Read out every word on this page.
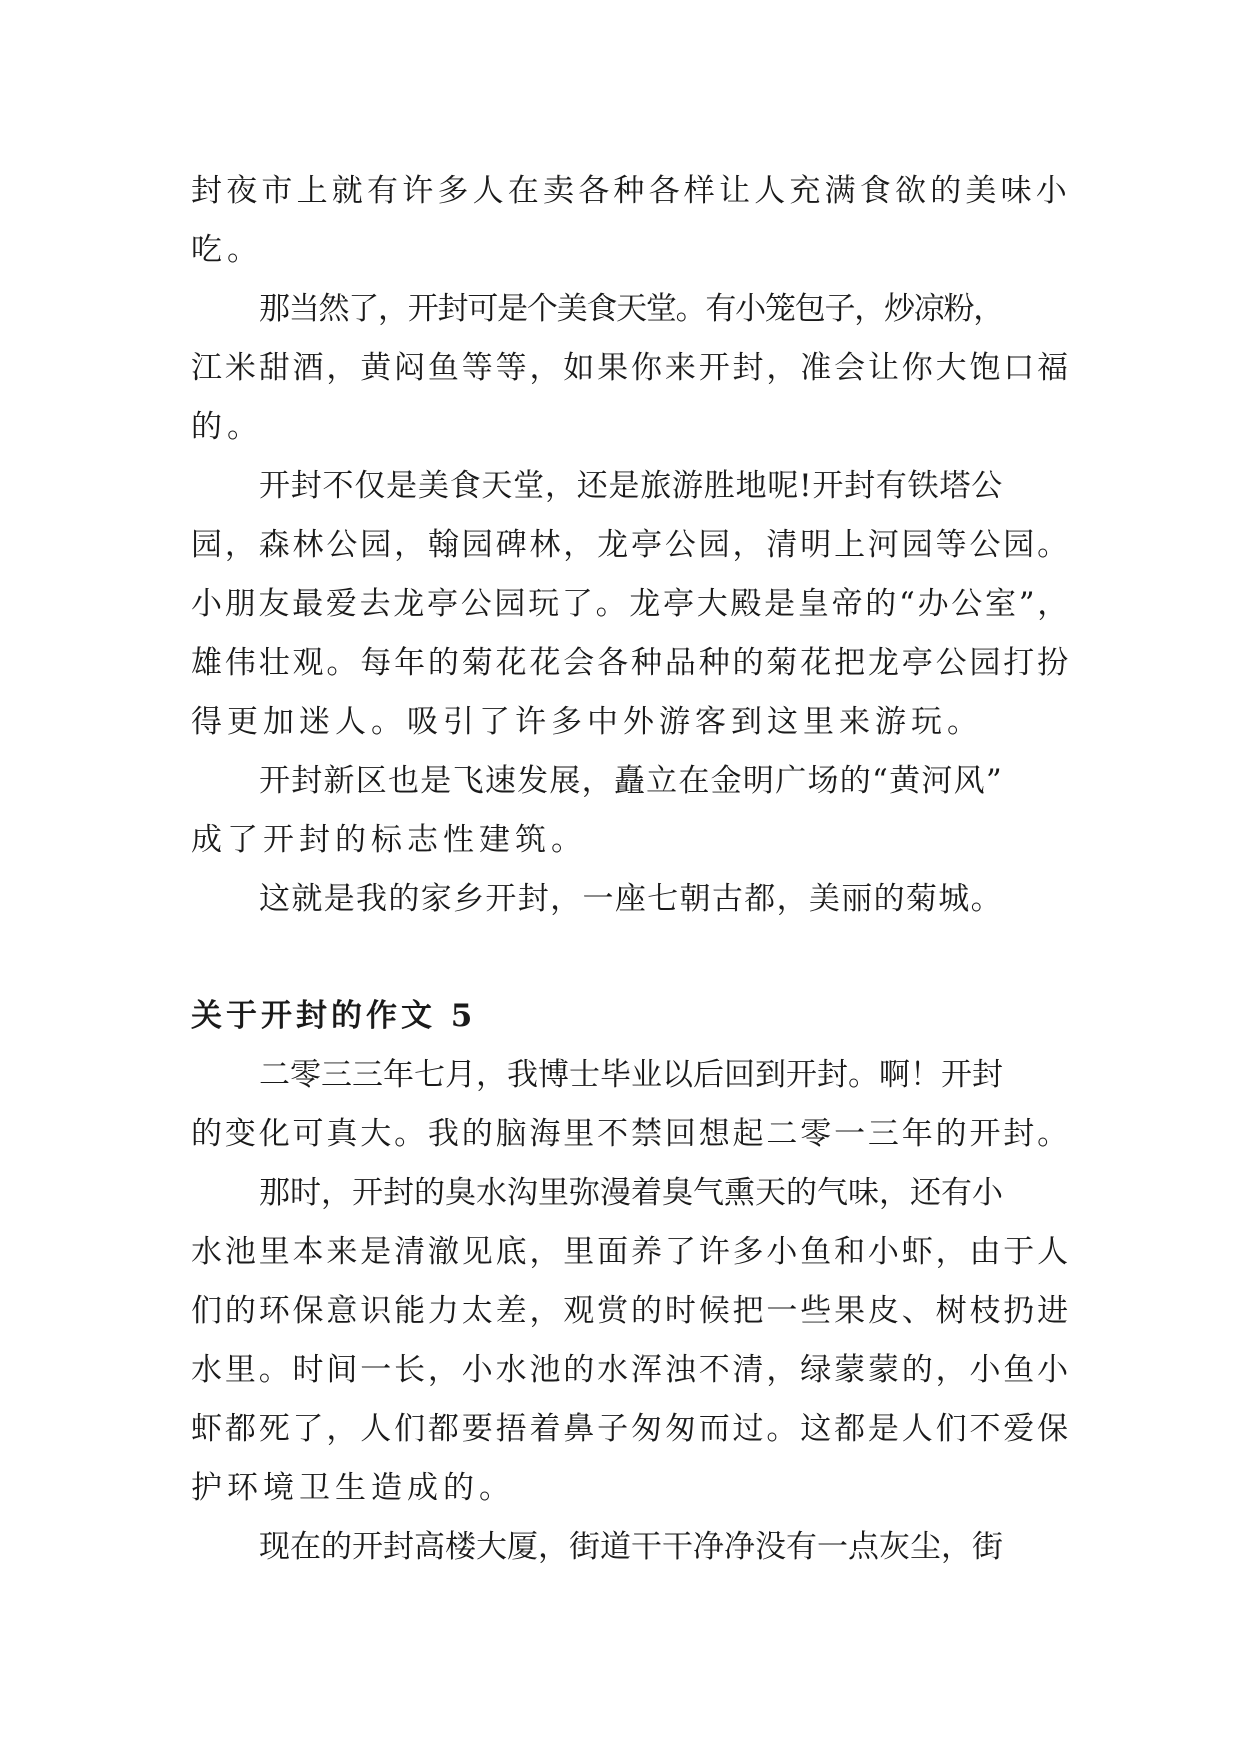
封夜市上就有许多人在卖各种各样让人充满食欲的美味小
吃。

那当然了，开封可是个美食天堂。有小笼包子，炒凉粉，
江米甜酒，黄闷鱼等等，如果你来开封，准会让你大饱口福
的。

开封不仅是美食天堂，还是旅游胜地呢!开封有铁塔公
园，森林公园，翰园碑林，龙亭公园，清明上河园等公园。
小朋友最爱去龙亭公园玩了。龙亭大殿是皇帝的“办公室”，
雄伟壮观。每年的菊花花会各种品种的菊花把龙亭公园打扮
得更加迷人。吸引了许多中外游客到这里来游玩。

开封新区也是飞速发展，矗立在金明广场的“黄河风”
成了开封的标志性建筑。

这就是我的家乡开封，一座七朝古都，美丽的菊城。

关于开封的作文 5

二零三三年七月，我博士毕业以后回到开封。啊！开封
的变化可真大。我的脑海里不禁回想起二零一三年的开封。

那时，开封的臭水沟里弥漫着臭气熏天的气味，还有小
水池里本来是清澈见底，里面养了许多小鱼和小虾，由于人
们的环保意识能力太差，观赏的时候把一些果皮、树枝扔进
水里。时间一长，小水池的水浑浊不清，绿蒙蒙的，小鱼小
虾都死了，人们都要捂着鼻子匆匆而过。这都是人们不爱保
护环境卫生造成的。

现在的开封高楼大厦，街道干干净净没有一点灰尘，街
